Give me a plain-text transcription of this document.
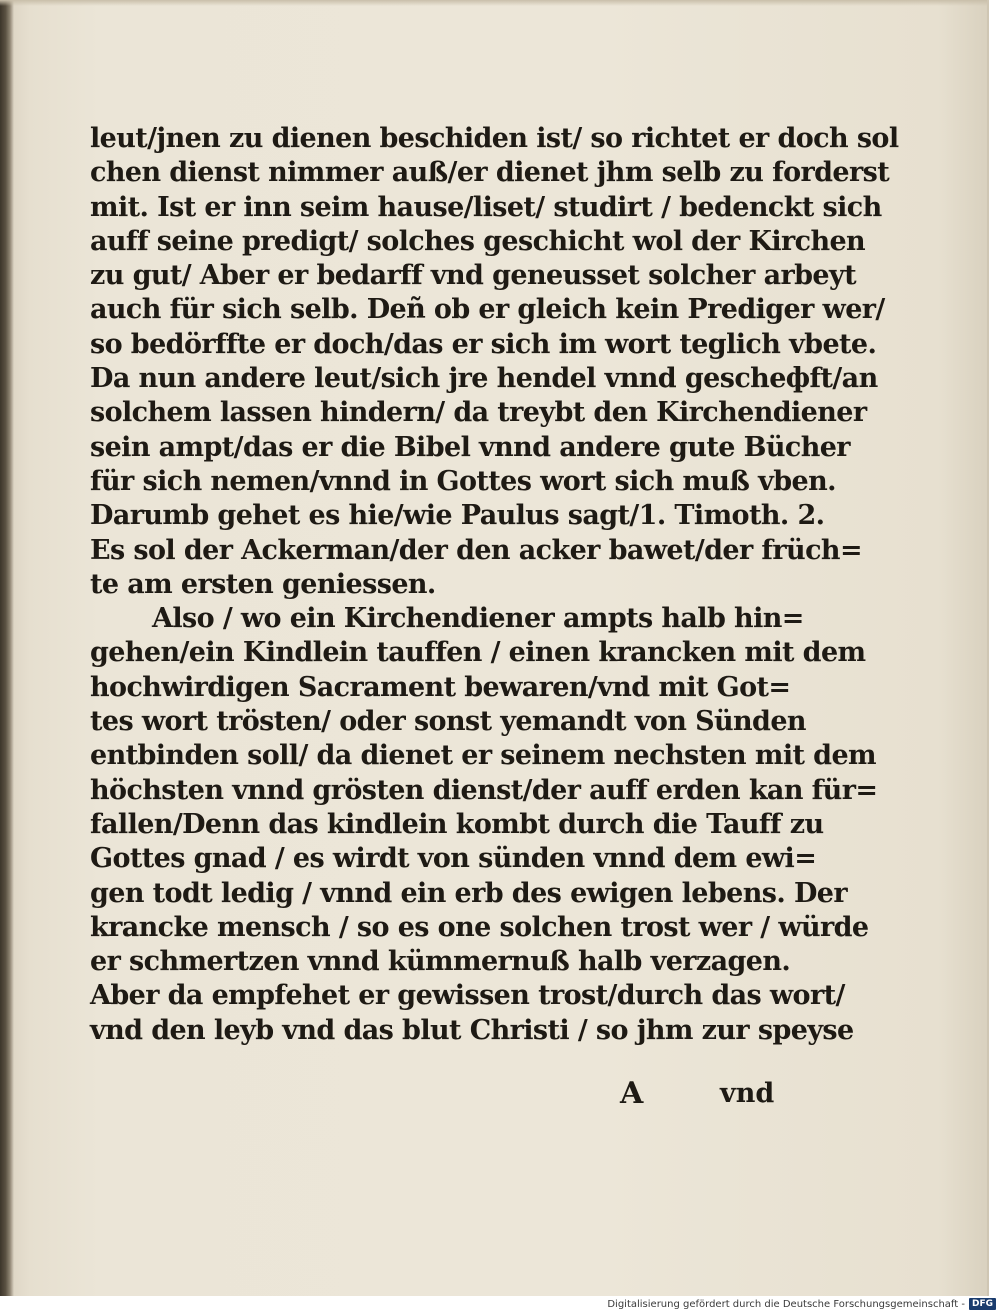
leut/jnen zu dienen beschiden ist/ so richtet er doch sol
chen dienst nimmer auß/er dienet jhm selb zu forderst
mit. Ist er inn seim hause/liset/ studirt / bedenckt sich
auff seine predigt/ solches geschicht wol der Kirchen
zu gut/ Aber er bedarff vnd geneusset solcher arbeyt
auch für sich selb. Deñ ob er gleich kein Prediger wer/
so bedörffte er doch/das er sich im wort teglich vbete.
Da nun andere leut/sich jre hendel vnnd gescheфft/an
solchem lassen hindern/ da treybt den Kirchendiener
sein ampt/das er die Bibel vnnd andere gute Bücher
für sich nemen/vnnd in Gottes wort sich muß vben.
Darumb gehet es hie/wie Paulus sagt/1. Timoth. 2.
Es sol der Ackerman/der den acker bawet/der früch=
te am ersten geniessen.
Also / wo ein Kirchendiener ampts halb hin=
gehen/ein Kindlein tauffen / einen krancken mit dem
hochwirdigen Sacrament bewaren/vnd mit Got=
tes wort trösten/ oder sonst yemandt von Sünden
entbinden soll/ da dienet er seinem nechsten mit dem
höchsten vnnd grösten dienst/der auff erden kan für=
fallen/Denn das kindlein kombt durch die Tauff zu
Gottes gnad / es wirdt von sünden vnnd dem ewi=
gen todt ledig / vnnd ein erb des ewigen lebens. Der
krancke mensch / so es one solchen trost wer / würde
er schmertzen vnnd kümmernuß halb verzagen.
Aber da empfehet er gewissen trost/durch das wort/
vnd den leyb vnd das blut Christi / so jhm zur speyse
A	vnd
Digitalisierung gefördert durch die Deutsche Forschungsgemeinschaft - DFG
